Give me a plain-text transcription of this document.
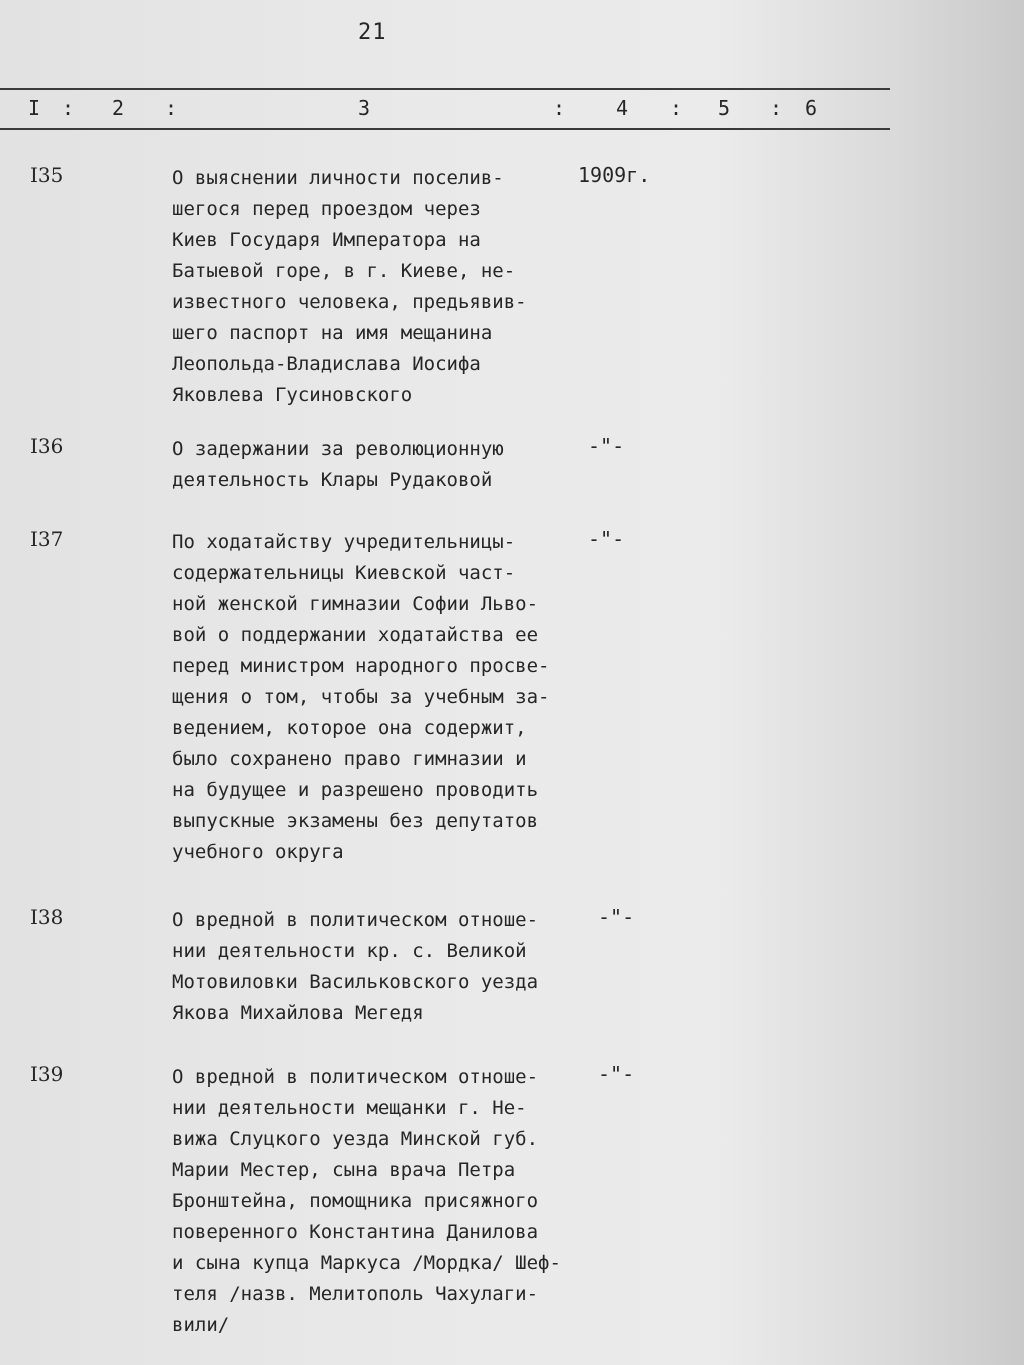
21
I : 2 :	3	:	4 : 5 : 6
I35	О выяснении личности поселив-
шегося перед проездом через
Киев Государя Императора на
Батыевой горе, в г. Киеве, не-
известного человека, предьявив-
шего паспорт на имя мещанина
Леопольда-Владислава Иосифа
Яковлева Гусиновского
1909г.
I36	О задержании за революционную
деятельность Клары Рудаковой
-"-
I37	По ходатайству учредительницы-
содержательницы Киевской част-
ной женской гимназии Софии Льво-
вой о поддержании ходатайства ее
перед министром народного просве-
щения о том, чтобы за учебным за-
ведением, которое она содержит,
было сохранено право гимназии и
на будущее и разрешено проводить
выпускные экзамены без депутатов
учебного округа
-"-
I38	О вредной в политическом отноше-
нии деятельности кр. с. Великой
Мотовиловки Васильковского уезда
Якова Михайлова Мегедя
-"-
I39	О вредной в политическом отноше-
нии деятельности мещанки г. Не-
вижа Слуцкого уезда Минской губ.
Марии Местер, сына врача Петра
Бронштейна, помощника присяжного
поверенного Константина Данилова
и сына купца Маркуса /Мордка/ Шеф-
теля /назв. Мелитополь Чахулаги-
вили/
-"-
